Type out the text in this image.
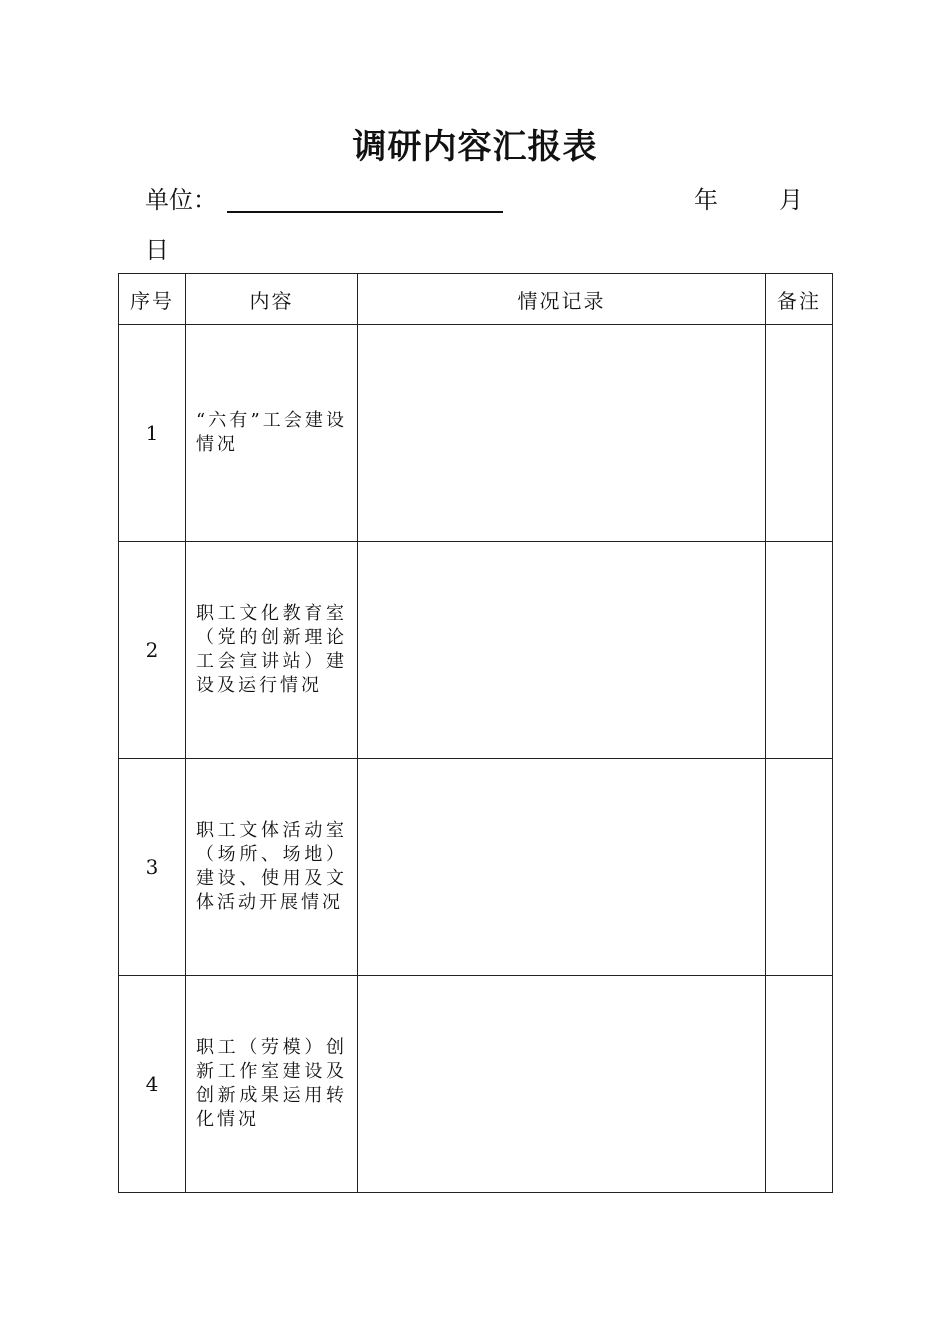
调研内容汇报表
单位：	年	月
日
序号	内容	情况记录	备注
1	“六有”工会建设情况		
2	职工文化教育室（党的创新理论工会宣讲站）建设及运行情况		
3	职工文体活动室（场所、场地）建设、使用及文体活动开展情况		
4	职工（劳模）创新工作室建设及创新成果运用转化情况		
